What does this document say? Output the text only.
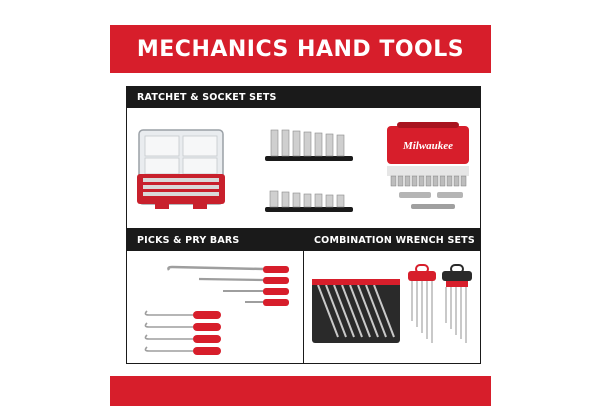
MECHANICS HAND TOOLS
RATCHET & SOCKET SETS
Milwaukee
PICKS & PRY BARS	COMBINATION WRENCH SETS
